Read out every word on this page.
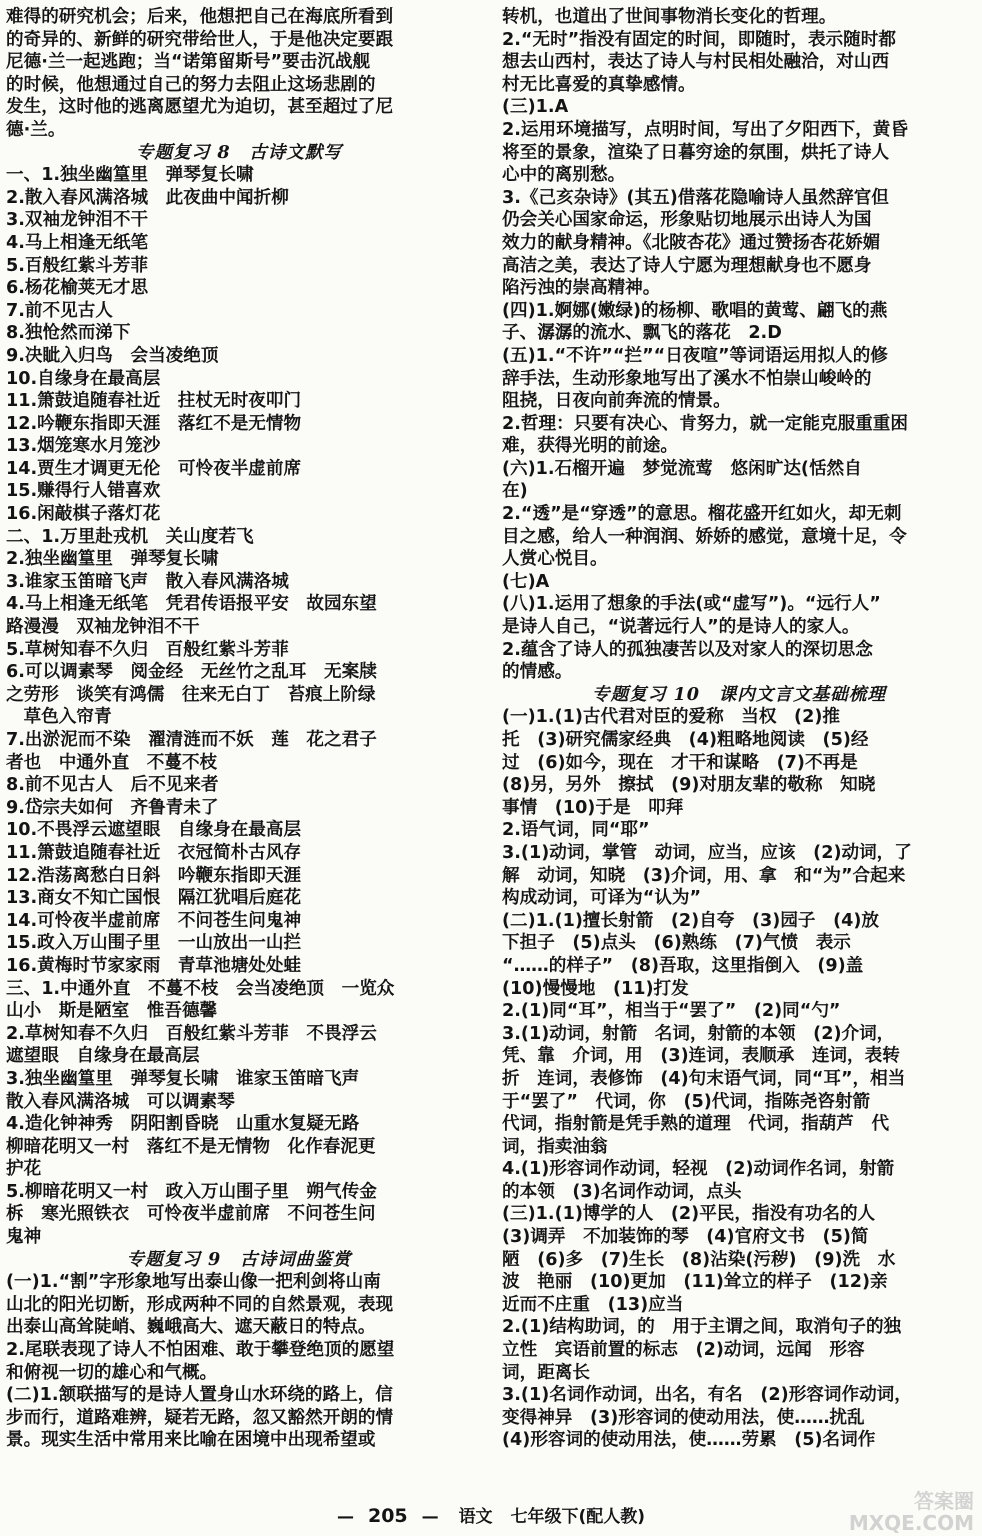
难得的研究机会；后来，他想把自己在海底所看到
的奇异的、新鲜的研究带给世人，于是他决定要跟
尼德·兰一起逃跑；当“诺第留斯号”要击沉战舰
的时候，他想通过自己的努力去阻止这场悲剧的
发生，这时他的逃离愿望尤为迫切，甚至超过了尼
德·兰。
专题复习 8　古诗文默写
一、1.独坐幽篁里　弹琴复长啸
2.散入春风满洛城　此夜曲中闻折柳
3.双袖龙钟泪不干
4.马上相逢无纸笔
5.百般红紫斗芳菲
6.杨花榆荚无才思
7.前不见古人
8.独怆然而涕下
9.决眦入归鸟　会当凌绝顶
10.自缘身在最高层
11.箫鼓追随春社近　拄杖无时夜叩门
12.吟鞭东指即天涯　落红不是无情物
13.烟笼寒水月笼沙
14.贾生才调更无伦　可怜夜半虚前席
15.赚得行人错喜欢
16.闲敲棋子落灯花
二、1.万里赴戎机　关山度若飞
2.独坐幽篁里　弹琴复长啸
3.谁家玉笛暗飞声　散入春风满洛城
4.马上相逢无纸笔　凭君传语报平安　故园东望
路漫漫　双袖龙钟泪不干
5.草树知春不久归　百般红紫斗芳菲
6.可以调素琴　阅金经　无丝竹之乱耳　无案牍
之劳形　谈笑有鸿儒　往来无白丁　苔痕上阶绿
　草色入帘青
7.出淤泥而不染　濯清涟而不妖　莲　花之君子
者也　中通外直　不蔓不枝
8.前不见古人　后不见来者
9.岱宗夫如何　齐鲁青未了
10.不畏浮云遮望眼　自缘身在最高层
11.箫鼓追随春社近　衣冠简朴古风存
12.浩荡离愁白日斜　吟鞭东指即天涯
13.商女不知亡国恨　隔江犹唱后庭花
14.可怜夜半虚前席　不问苍生问鬼神
15.政入万山围子里　一山放出一山拦
16.黄梅时节家家雨　青草池塘处处蛙
三、1.中通外直　不蔓不枝　会当凌绝顶　一览众
山小　斯是陋室　惟吾德馨
2.草树知春不久归　百般红紫斗芳菲　不畏浮云
遮望眼　自缘身在最高层
3.独坐幽篁里　弹琴复长啸　谁家玉笛暗飞声
散入春风满洛城　可以调素琴
4.造化钟神秀　阴阳割昏晓　山重水复疑无路
柳暗花明又一村　落红不是无情物　化作春泥更
护花
5.柳暗花明又一村　政入万山围子里　朔气传金
柝　寒光照铁衣　可怜夜半虚前席　不问苍生问
鬼神
专题复习 9　古诗词曲鉴赏
(一)1.“割”字形象地写出泰山像一把利剑将山南
山北的阳光切断，形成两种不同的自然景观，表现
出泰山高耸陡峭、巍峨高大、遮天蔽日的特点。
2.尾联表现了诗人不怕困难、敢于攀登绝顶的愿望
和俯视一切的雄心和气概。
(二)1.颔联描写的是诗人置身山水环绕的路上，信
步而行，道路难辨，疑若无路，忽又豁然开朗的情
景。现实生活中常用来比喻在困境中出现希望或
转机，也道出了世间事物消长变化的哲理。
2.“无时”指没有固定的时间，即随时，表示随时都
想去山西村，表达了诗人与村民相处融洽，对山西
村无比喜爱的真挚感情。
(三)1.A
2.运用环境描写，点明时间，写出了夕阳西下，黄昏
将至的景象，渲染了日暮穷途的氛围，烘托了诗人
心中的离别愁。
3.《己亥杂诗》(其五)借落花隐喻诗人虽然辞官但
仍会关心国家命运，形象贴切地展示出诗人为国
效力的献身精神。《北陂杏花》通过赞扬杏花娇媚
高洁之美，表达了诗人宁愿为理想献身也不愿身
陷污浊的崇高精神。
(四)1.婀娜(嫩绿)的杨柳、歌唱的黄莺、翩飞的燕
子、潺潺的流水、飘飞的落花　2.D
(五)1.“不许”“拦”“日夜喧”等词语运用拟人的修
辞手法，生动形象地写出了溪水不怕崇山峻岭的
阻挠，日夜向前奔流的情景。
2.哲理：只要有决心、肯努力，就一定能克服重重困
难，获得光明的前途。
(六)1.石榴开遍　梦觉流莺　悠闲旷达(恬然自
在)
2.“透”是“穿透”的意思。榴花盛开红如火，却无刺
目之感，给人一种润润、娇娇的感觉，意境十足，令
人赏心悦目。
(七)A
(八)1.运用了想象的手法(或“虚写”)。“远行人”
是诗人自己，“说著远行人”的是诗人的家人。
2.蕴含了诗人的孤独凄苦以及对家人的深切思念
的情感。
专题复习 10　课内文言文基础梳理
(一)1.(1)古代君对臣的爱称　当权　(2)推
托　(3)研究儒家经典　(4)粗略地阅读　(5)经
过　(6)如今，现在　才干和谋略　(7)不再是
(8)另，另外　擦拭　(9)对朋友辈的敬称　知晓
事情　(10)于是　叩拜
2.语气词，同“耶”
3.(1)动词，掌管　动词，应当，应该　(2)动词，了
解　动词，知晓　(3)介词，用、拿　和“为”合起来
构成动词，可译为“认为”
(二)1.(1)擅长射箭　(2)自夸　(3)园子　(4)放
下担子　(5)点头　(6)熟练　(7)气愤　表示
“……的样子”　(8)吾取，这里指倒入　(9)盖
(10)慢慢地　(11)打发
2.(1)同“耳”，相当于“罢了”　(2)同“勺”
3.(1)动词，射箭　名词，射箭的本领　(2)介词，
凭、靠　介词，用　(3)连词，表顺承　连词，表转
折　连词，表修饰　(4)句末语气词，同“耳”，相当
于“罢了”　代词，你　(5)代词，指陈尧咨射箭
代词，指射箭是凭手熟的道理　代词，指葫芦　代
词，指卖油翁
4.(1)形容词作动词，轻视　(2)动词作名词，射箭
的本领　(3)名词作动词，点头
(三)1.(1)博学的人　(2)平民，指没有功名的人
(3)调弄　不加装饰的琴　(4)官府文书　(5)简
陋　(6)多　(7)生长　(8)沾染(污秽)　(9)洗　水
波　艳丽　(10)更加　(11)耸立的样子　(12)亲
近而不庄重　(13)应当
2.(1)结构助词，的　用于主谓之间，取消句子的独
立性　宾语前置的标志　(2)动词，远闻　形容
词，距离长
3.(1)名词作动词，出名，有名　(2)形容词作动词，
变得神异　(3)形容词的使动用法，使……扰乱
(4)形容词的使动用法，使……劳累　(5)名词作
— 205 — 语文 七年级下(配人教)
答案圈
MXQE.COM
